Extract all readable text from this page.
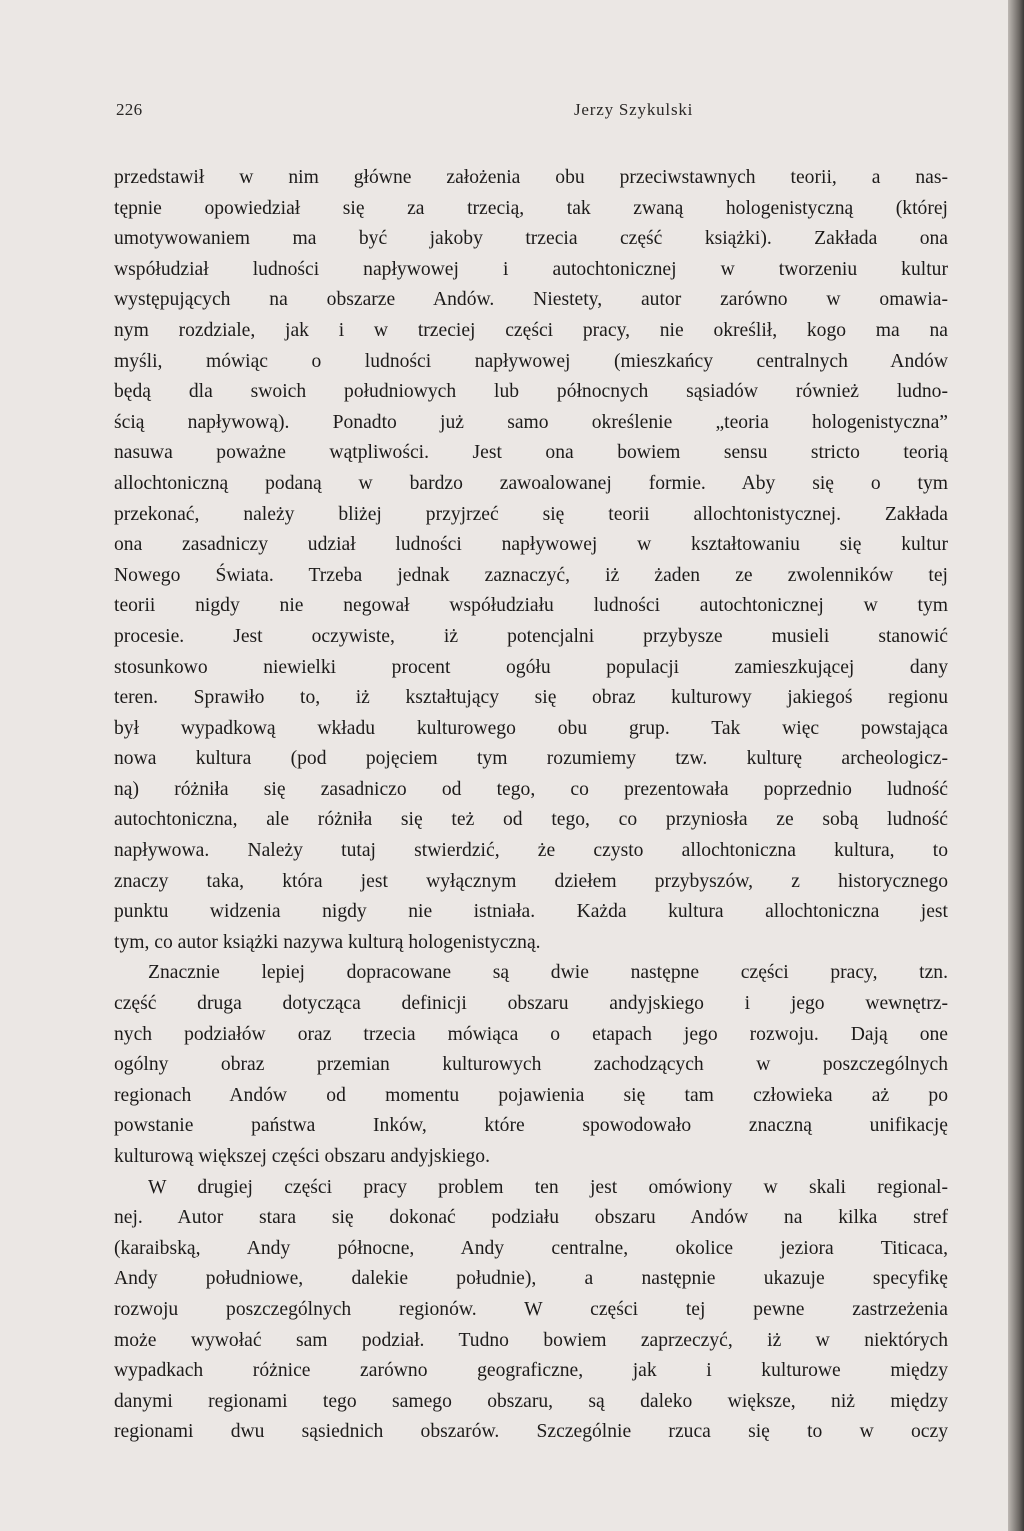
226	Jerzy Szykulski
przedstawił w nim główne założenia obu przeciwstawnych teorii, a nas-
tępnie opowiedział się za trzecią, tak zwaną hologenistyczną (której
umotywowaniem ma być jakoby trzecia część książki). Zakłada ona
współudział ludności napływowej i autochtonicznej w tworzeniu kultur
występujących na obszarze Andów. Niestety, autor zarówno w omawia-
nym rozdziale, jak i w trzeciej części pracy, nie określił, kogo ma na
myśli, mówiąc o ludności napływowej (mieszkańcy centralnych Andów
będą dla swoich południowych lub północnych sąsiadów również ludno-
ścią napływową). Ponadto już samo określenie „teoria hologenistyczna”
nasuwa poważne wątpliwości. Jest ona bowiem sensu stricto teorią
allochtoniczną podaną w bardzo zawoalowanej formie. Aby się o tym
przekonać, należy bliżej przyjrzeć się teorii allochtonistycznej. Zakłada
ona zasadniczy udział ludności napływowej w kształtowaniu się kultur
Nowego Świata. Trzeba jednak zaznaczyć, iż żaden ze zwolenników tej
teorii nigdy nie negował współudziału ludności autochtonicznej w tym
procesie. Jest oczywiste, iż potencjalni przybysze musieli stanowić
stosunkowo niewielki procent ogółu populacji zamieszkującej dany
teren. Sprawiło to, iż kształtujący się obraz kulturowy jakiegoś regionu
był wypadkową wkładu kulturowego obu grup. Tak więc powstająca
nowa kultura (pod pojęciem tym rozumiemy tzw. kulturę archeologicz-
ną) różniła się zasadniczo od tego, co prezentowała poprzednio ludność
autochtoniczna, ale różniła się też od tego, co przyniosła ze sobą ludność
napływowa. Należy tutaj stwierdzić, że czysto allochtoniczna kultura, to
znaczy taka, która jest wyłącznym dziełem przybyszów, z historycznego
punktu widzenia nigdy nie istniała. Każda kultura allochtoniczna jest
tym, co autor książki nazywa kulturą hologenistyczną.
Znacznie lepiej dopracowane są dwie następne części pracy, tzn.
część druga dotycząca definicji obszaru andyjskiego i jego wewnętrz-
nych podziałów oraz trzecia mówiąca o etapach jego rozwoju. Dają one
ogólny obraz przemian kulturowych zachodzących w poszczególnych
regionach Andów od momentu pojawienia się tam człowieka aż po
powstanie państwa Inków, które spowodowało znaczną unifikację
kulturową większej części obszaru andyjskiego.
W drugiej części pracy problem ten jest omówiony w skali regional-
nej. Autor stara się dokonać podziału obszaru Andów na kilka stref
(karaibską, Andy północne, Andy centralne, okolice jeziora Titicaca,
Andy południowe, dalekie południe), a następnie ukazuje specyfikę
rozwoju poszczególnych regionów. W części tej pewne zastrzeżenia
może wywołać sam podział. Tudno bowiem zaprzeczyć, iż w niektórych
wypadkach różnice zarówno geograficzne, jak i kulturowe między
danymi regionami tego samego obszaru, są daleko większe, niż między
regionami dwu sąsiednich obszarów. Szczególnie rzuca się to w oczy
